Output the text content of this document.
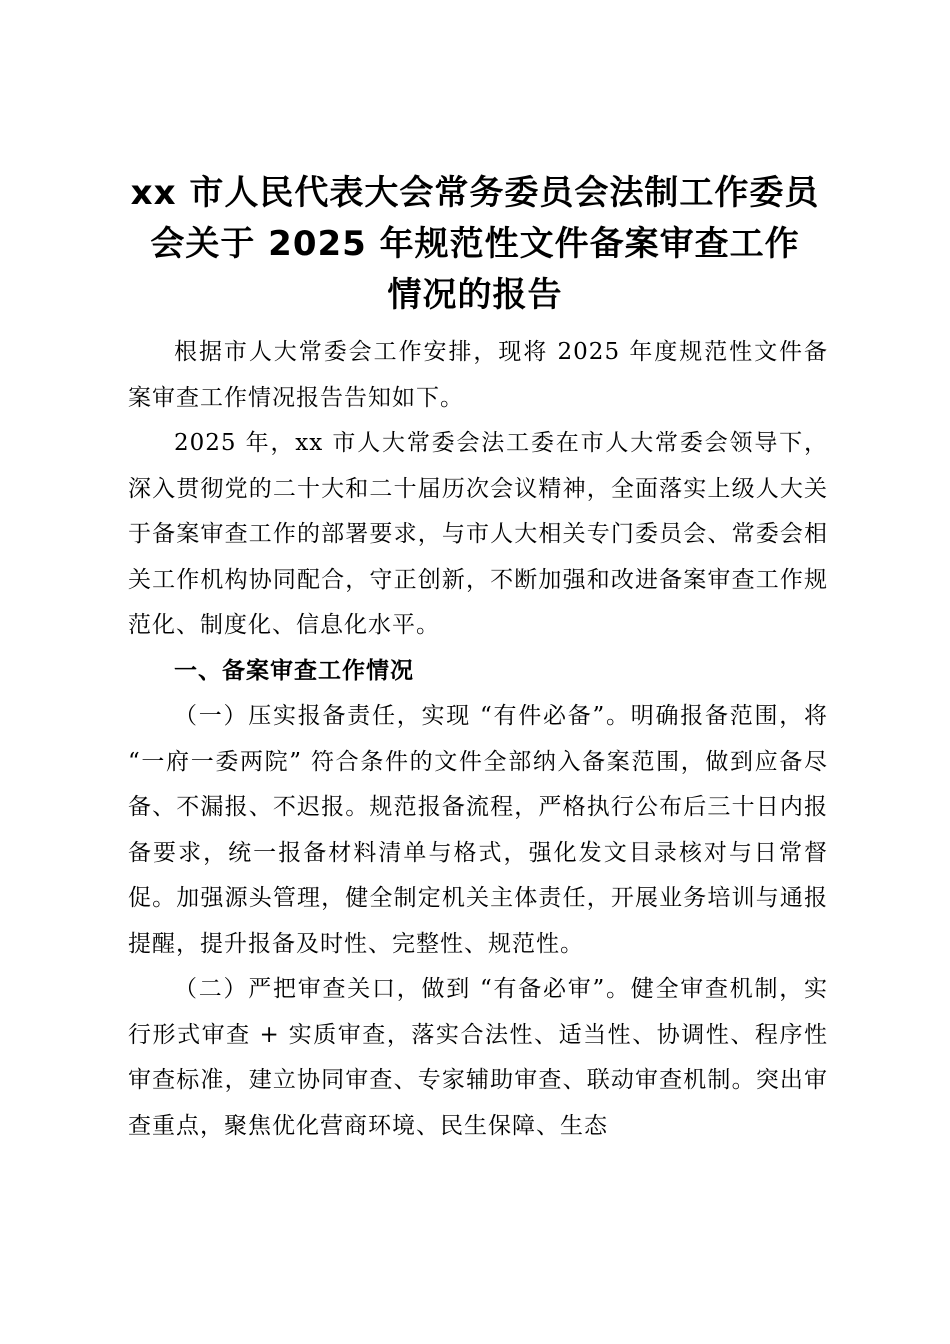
xx 市人民代表大会常务委员会法制工作委员
会关于 2025 年规范性文件备案审查工作
情况的报告

根据市人大常委会工作安排，现将 2025 年度规范性文件备案审查工作情况报告告知如下。

2025 年，xx 市人大常委会法工委在市人大常委会领导下，深入贯彻党的二十大和二十届历次会议精神，全面落实上级人大关于备案审查工作的部署要求，与市人大相关专门委员会、常委会相关工作机构协同配合，守正创新，不断加强和改进备案审查工作规范化、制度化、信息化水平。

一、备案审查工作情况

（一）压实报备责任，实现 “有件必备”。明确报备范围，将 “一府一委两院” 符合条件的文件全部纳入备案范围，做到应备尽备、不漏报、不迟报。规范报备流程，严格执行公布后三十日内报备要求，统一报备材料清单与格式，强化发文目录核对与日常督促。加强源头管理，健全制定机关主体责任，开展业务培训与通报提醒，提升报备及时性、完整性、规范性。

（二）严把审查关口，做到 “有备必审”。健全审查机制，实行形式审查 + 实质审查，落实合法性、适当性、协调性、程序性审查标准，建立协同审查、专家辅助审查、联动审查机制。突出审查重点，聚焦优化营商环境、民生保障、生态
